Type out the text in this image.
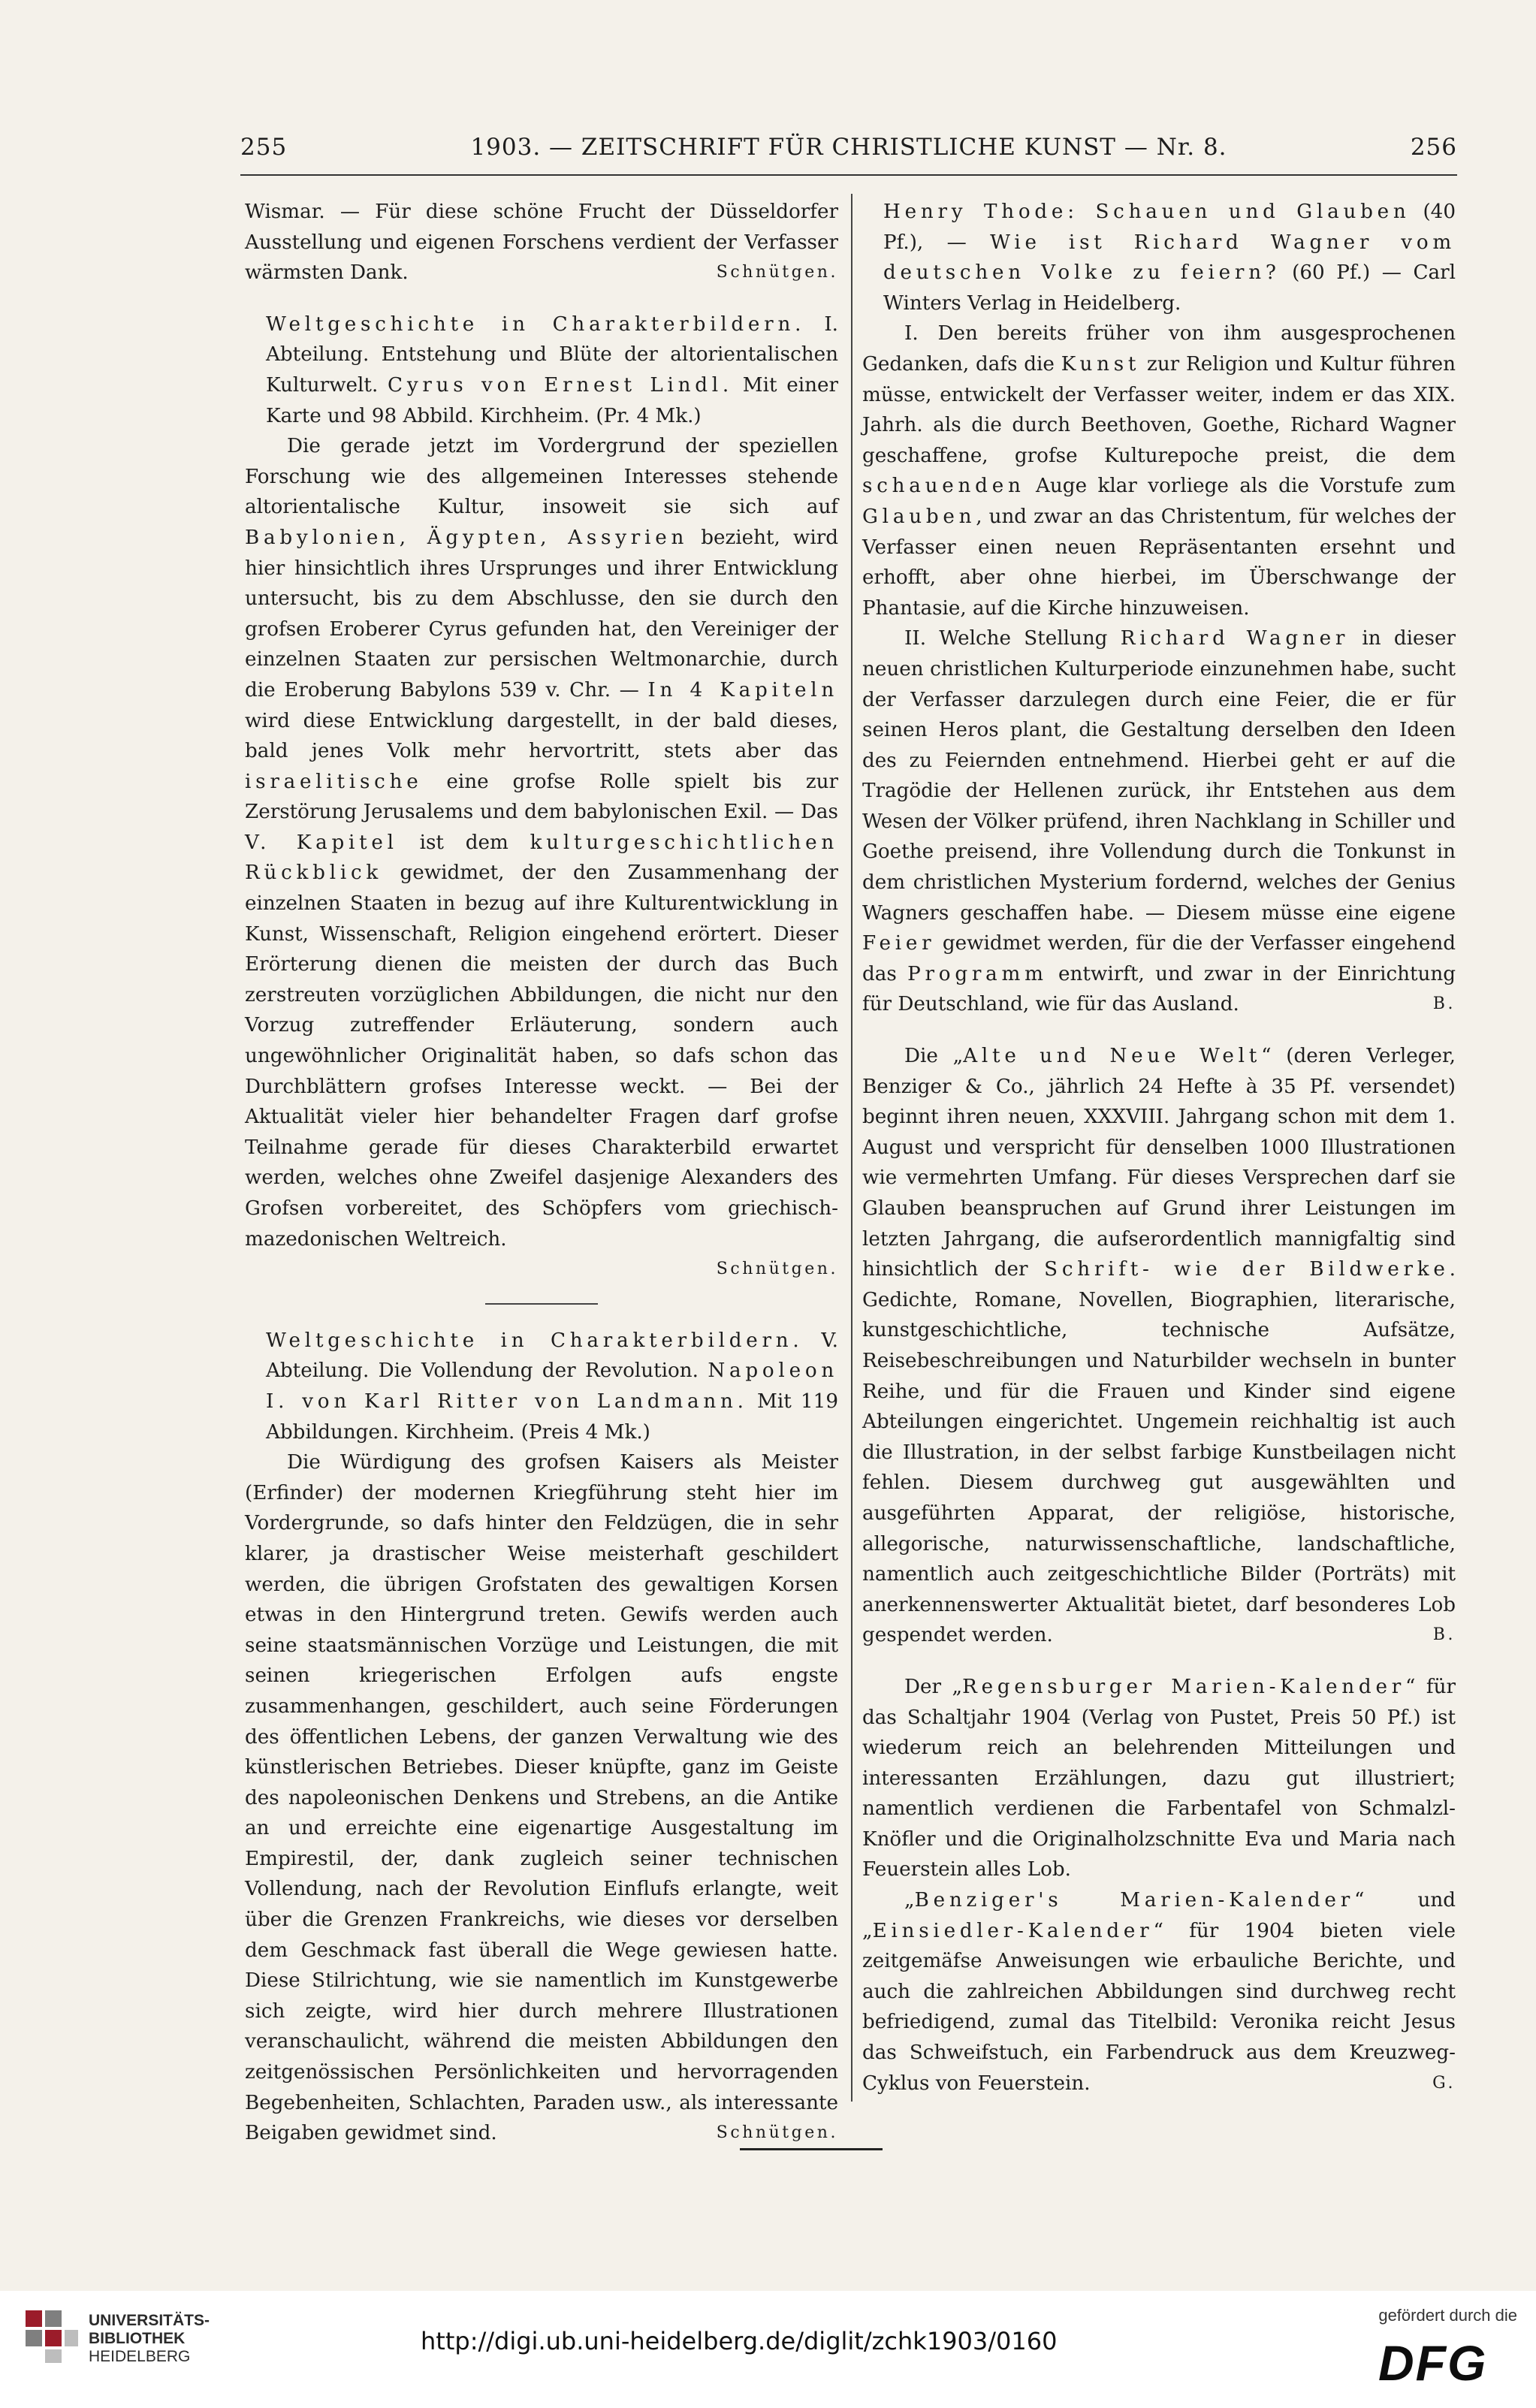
255	1903. — ZEITSCHRIFT FÜR CHRISTLICHE KUNST — Nr. 8.	256

Wismar. — Für diese schöne Frucht der Düsseldorfer Ausstellung und eigenen Forschens verdient der Verfasser wärmsten Dank.	Schnütgen.

Weltgeschichte in Charakterbildern. I. Abteilung. Entstehung und Blüte der altorientalischen Kulturwelt. Cyrus von Ernest Lindl. Mit einer Karte und 98 Abbild. Kirchheim. (Pr. 4 Mk.)

Die gerade jetzt im Vordergrund der speziellen Forschung wie des allgemeinen Interesses stehende altorientalische Kultur, insoweit sie sich auf Babylonien, Ägypten, Assyrien bezieht, wird hier hinsichtlich ihres Ursprunges und ihrer Entwicklung untersucht, bis zu dem Abschlusse, den sie durch den grofsen Eroberer Cyrus gefunden hat, den Vereiniger der einzelnen Staaten zur persischen Weltmonarchie, durch die Eroberung Babylons 539 v. Chr. — In 4 Kapiteln wird diese Entwicklung dargestellt, in der bald dieses, bald jenes Volk mehr hervortritt, stets aber das israelitische eine grofse Rolle spielt bis zur Zerstörung Jerusalems und dem babylonischen Exil. — Das V. Kapitel ist dem kulturgeschichtlichen Rückblick gewidmet, der den Zusammenhang der einzelnen Staaten in bezug auf ihre Kulturentwicklung in Kunst, Wissenschaft, Religion eingehend erörtert. Dieser Erörterung dienen die meisten der durch das Buch zerstreuten vorzüglichen Abbildungen, die nicht nur den Vorzug zutreffender Erläuterung, sondern auch ungewöhnlicher Originalität haben, so dafs schon das Durchblättern grofses Interesse weckt. — Bei der Aktualität vieler hier behandelter Fragen darf grofse Teilnahme gerade für dieses Charakterbild erwartet werden, welches ohne Zweifel dasjenige Alexanders des Grofsen vorbereitet, des Schöpfers vom griechisch-mazedonischen Weltreich.

Schnütgen.

Weltgeschichte in Charakterbildern. V. Abteilung. Die Vollendung der Revolution. Napoleon I. von Karl Ritter von Landmann. Mit 119 Abbildungen. Kirchheim. (Preis 4 Mk.)

Die Würdigung des grofsen Kaisers als Meister (Erfinder) der modernen Kriegführung steht hier im Vordergrunde, so dafs hinter den Feldzügen, die in sehr klarer, ja drastischer Weise meisterhaft geschildert werden, die übrigen Grofstaten des gewaltigen Korsen etwas in den Hintergrund treten. Gewifs werden auch seine staatsmännischen Vorzüge und Leistungen, die mit seinen kriegerischen Erfolgen aufs engste zusammenhangen, geschildert, auch seine Förderungen des öffentlichen Lebens, der ganzen Verwaltung wie des künstlerischen Betriebes. Dieser knüpfte, ganz im Geiste des napoleonischen Denkens und Strebens, an die Antike an und erreichte eine eigenartige Ausgestaltung im Empirestil, der, dank zugleich seiner technischen Vollendung, nach der Revolution Einflufs erlangte, weit über die Grenzen Frankreichs, wie dieses vor derselben dem Geschmack fast überall die Wege gewiesen hatte. Diese Stilrichtung, wie sie namentlich im Kunstgewerbe sich zeigte, wird hier durch mehrere Illustrationen veranschaulicht, während die meisten Abbildungen den zeitgenössischen Persönlichkeiten und hervorragenden Begebenheiten, Schlachten, Paraden usw., als interessante Beigaben gewidmet sind.	Schnütgen.

Henry Thode: Schauen und Glauben (40 Pf.), — Wie ist Richard Wagner vom deutschen Volke zu feiern? (60 Pf.) — Carl Winters Verlag in Heidelberg.

I. Den bereits früher von ihm ausgesprochenen Gedanken, dafs die Kunst zur Religion und Kultur führen müsse, entwickelt der Verfasser weiter, indem er das XIX. Jahrh. als die durch Beethoven, Goethe, Richard Wagner geschaffene, grofse Kulturepoche preist, die dem schauenden Auge klar vorliege als die Vorstufe zum Glauben, und zwar an das Christentum, für welches der Verfasser einen neuen Repräsentanten ersehnt und erhofft, aber ohne hierbei, im Überschwange der Phantasie, auf die Kirche hinzuweisen.

II. Welche Stellung Richard Wagner in dieser neuen christlichen Kulturperiode einzunehmen habe, sucht der Verfasser darzulegen durch eine Feier, die er für seinen Heros plant, die Gestaltung derselben den Ideen des zu Feiernden entnehmend. Hierbei geht er auf die Tragödie der Hellenen zurück, ihr Entstehen aus dem Wesen der Völker prüfend, ihren Nachklang in Schiller und Goethe preisend, ihre Vollendung durch die Tonkunst in dem christlichen Mysterium fordernd, welches der Genius Wagners geschaffen habe. — Diesem müsse eine eigene Feier gewidmet werden, für die der Verfasser eingehend das Programm entwirft, und zwar in der Einrichtung für Deutschland, wie für das Ausland.	B.

Die „Alte und Neue Welt“ (deren Verleger, Benziger & Co., jährlich 24 Hefte à 35 Pf. versendet) beginnt ihren neuen, XXXVIII. Jahrgang schon mit dem 1. August und verspricht für denselben 1000 Illustrationen wie vermehrten Umfang. Für dieses Versprechen darf sie Glauben beanspruchen auf Grund ihrer Leistungen im letzten Jahrgang, die aufserordentlich mannigfaltig sind hinsichtlich der Schrift- wie der Bildwerke. Gedichte, Romane, Novellen, Biographien, literarische, kunstgeschichtliche, technische Aufsätze, Reisebeschreibungen und Naturbilder wechseln in bunter Reihe, und für die Frauen und Kinder sind eigene Abteilungen eingerichtet. Ungemein reichhaltig ist auch die Illustration, in der selbst farbige Kunstbeilagen nicht fehlen. Diesem durchweg gut ausgewählten und ausgeführten Apparat, der religiöse, historische, allegorische, naturwissenschaftliche, landschaftliche, namentlich auch zeitgeschichtliche Bilder (Porträts) mit anerkennenswerter Aktualität bietet, darf besonderes Lob gespendet werden.	B.

Der „Regensburger Marien-Kalender“ für das Schaltjahr 1904 (Verlag von Pustet, Preis 50 Pf.) ist wiederum reich an belehrenden Mitteilungen und interessanten Erzählungen, dazu gut illustriert; namentlich verdienen die Farbentafel von Schmalzl-Knöfler und die Originalholzschnitte Eva und Maria nach Feuerstein alles Lob.

„Benziger's Marien-Kalender“ und „Einsiedler-Kalender“ für 1904 bieten viele zeitgemäfse Anweisungen wie erbauliche Berichte, und auch die zahlreichen Abbildungen sind durchweg recht befriedigend, zumal das Titelbild: Veronika reicht Jesus das Schweifstuch, ein Farbendruck aus dem Kreuzweg-Cyklus von Feuerstein.	G.

UNIVERSITÄTS-
BIBLIOTHEK
HEIDELBERG
http://digi.ub.uni-heidelberg.de/diglit/zchk1903/0160
gefördert durch die
DFG
